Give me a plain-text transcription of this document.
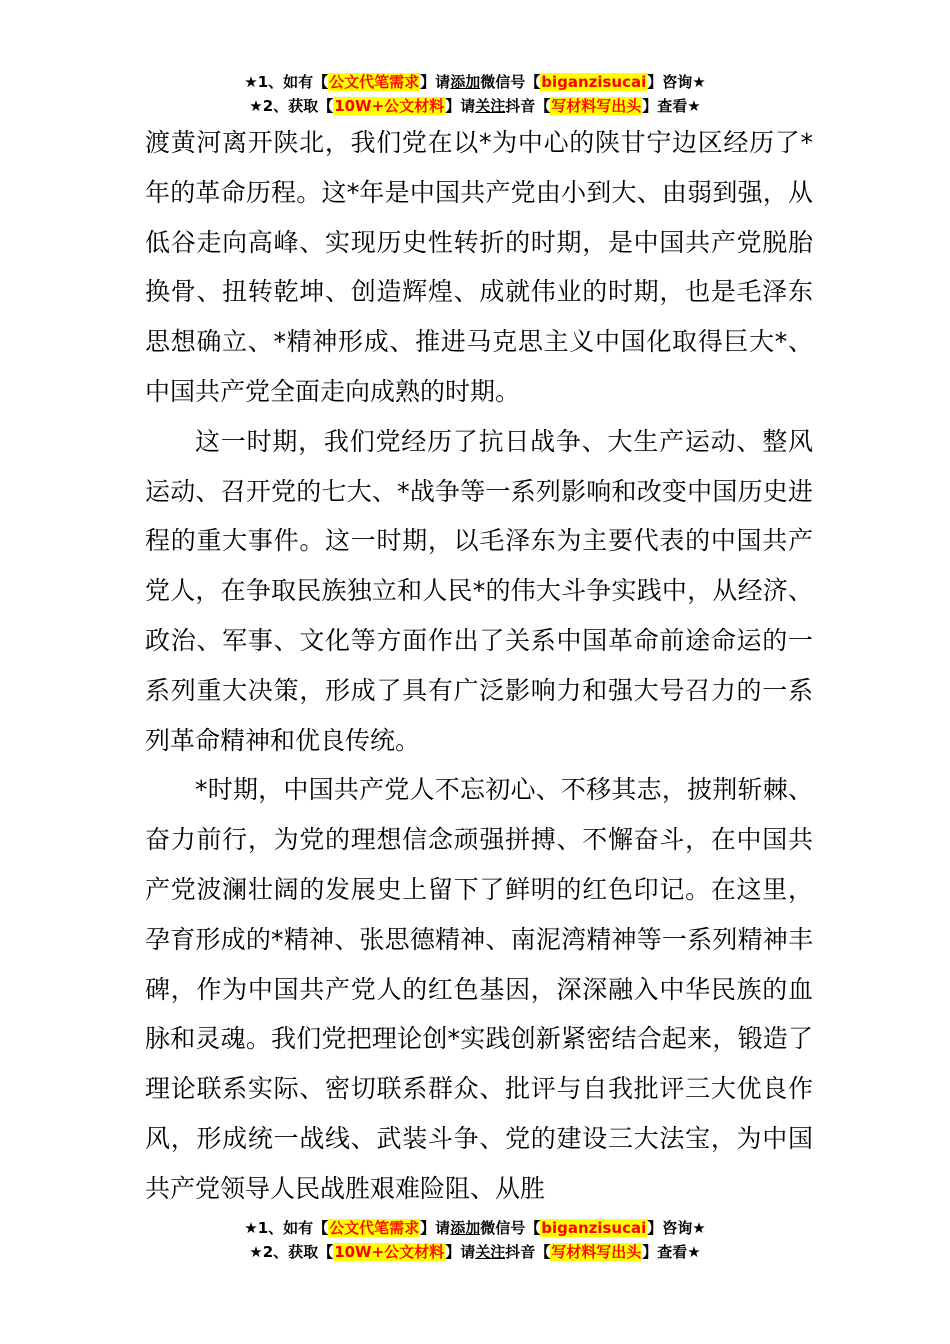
★1、如有【公文代笔需求】请添加微信号【biganzisucai】咨询★
★2、获取【10W+公文材料】请关注抖音【写材料写出头】查看★

渡黄河离开陕北，我们党在以*为中心的陕甘宁边区经历了*年的革命历程。这*年是中国共产党由小到大、由弱到强，从低谷走向高峰、实现历史性转折的时期，是中国共产党脱胎换骨、扭转乾坤、创造辉煌、成就伟业的时期，也是毛泽东思想确立、*精神形成、推进马克思主义中国化取得巨大*、中国共产党全面走向成熟的时期。

这一时期，我们党经历了抗日战争、大生产运动、整风运动、召开党的七大、*战争等一系列影响和改变中国历史进程的重大事件。这一时期，以毛泽东为主要代表的中国共产党人，在争取民族独立和人民*的伟大斗争实践中，从经济、政治、军事、文化等方面作出了关系中国革命前途命运的一系列重大决策，形成了具有广泛影响力和强大号召力的一系列革命精神和优良传统。

*时期，中国共产党人不忘初心、不移其志，披荆斩棘、奋力前行，为党的理想信念顽强拼搏、不懈奋斗，在中国共产党波澜壮阔的发展史上留下了鲜明的红色印记。在这里，孕育形成的*精神、张思德精神、南泥湾精神等一系列精神丰碑，作为中国共产党人的红色基因，深深融入中华民族的血脉和灵魂。我们党把理论创*实践创新紧密结合起来，锻造了理论联系实际、密切联系群众、批评与自我批评三大优良作风，形成统一战线、武装斗争、党的建设三大法宝，为中国共产党领导人民战胜艰难险阻、从胜

★1、如有【公文代笔需求】请添加微信号【biganzisucai】咨询★
★2、获取【10W+公文材料】请关注抖音【写材料写出头】查看★
